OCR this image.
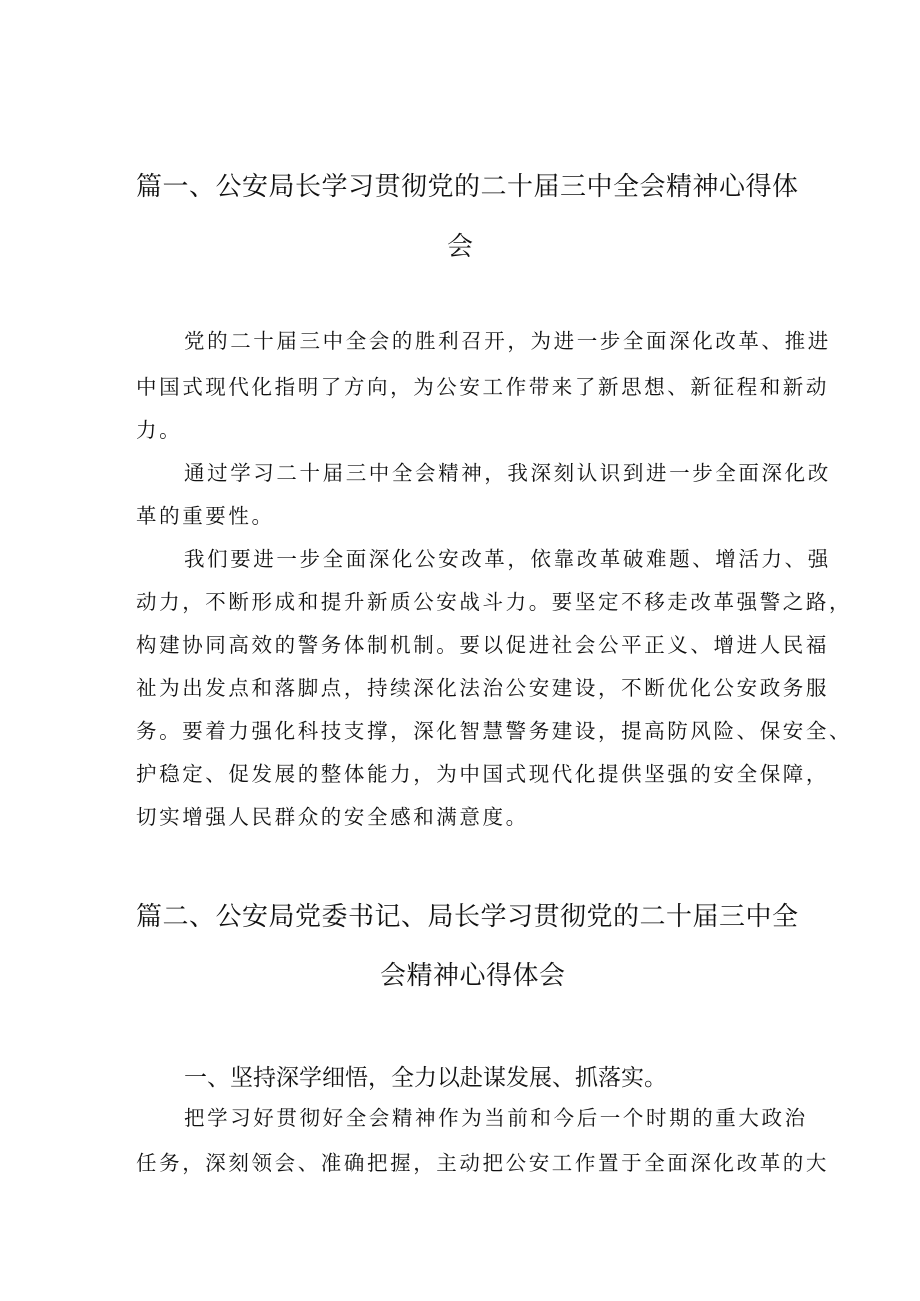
篇一、公安局长学习贯彻党的二十届三中全会精神心得体
会

党的二十届三中全会的胜利召开，为进一步全面深化改革、推进

中国式现代化指明了方向，为公安工作带来了新思想、新征程和新动

力。

通过学习二十届三中全会精神，我深刻认识到进一步全面深化改

革的重要性。

我们要进一步全面深化公安改革，依靠改革破难题、增活力、强

动力，不断形成和提升新质公安战斗力。要坚定不移走改革强警之路，

构建协同高效的警务体制机制。要以促进社会公平正义、增进人民福

祉为出发点和落脚点，持续深化法治公安建设，不断优化公安政务服

务。要着力强化科技支撑，深化智慧警务建设，提高防风险、保安全、

护稳定、促发展的整体能力，为中国式现代化提供坚强的安全保障，

切实增强人民群众的安全感和满意度。

篇二、公安局党委书记、局长学习贯彻党的二十届三中全
会精神心得体会
一、坚持深学细悟，全力以赴谋发展、抓落实。

把学习好贯彻好全会精神作为当前和今后一个时期的重大政治

任务，深刻领会、准确把握，主动把公安工作置于全面深化改革的大
